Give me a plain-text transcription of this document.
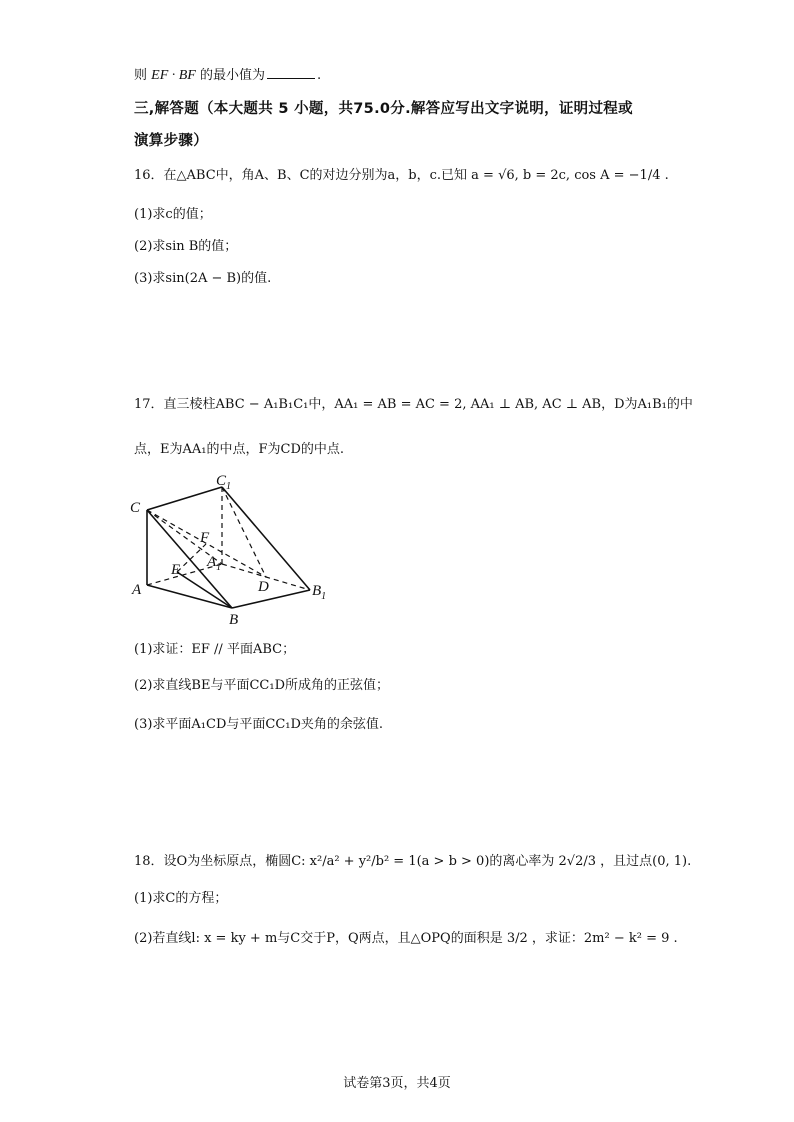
则 EF · BF 的最小值为	.
三,解答题（本大题共 5 小题，共75.0分.解答应写出文字说明，证明过程或
演算步骤）
16．在△ABC中，角A、B、C的对边分别为a，b，c.已知 a = √6, b = 2c, cos A = −1/4 .
(1)求c的值；
(2)求sin B的值；
(3)求sin(2A − B)的值.
17．直三棱柱ABC − A₁B₁C₁中，AA₁ = AB = AC = 2, AA₁ ⊥ AB, AC ⊥ AB，D为A₁B₁的中
点，E为AA₁的中点，F为CD的中点.
C
$C_1$
A
$A_1$
B
$B_1$
D
E
F
(1)求证：EF // 平面ABC；
(2)求直线BE与平面CC₁D所成角的正弦值；
(3)求平面A₁CD与平面CC₁D夹角的余弦值.
18．设O为坐标原点，椭圆C: x²/a² + y²/b² = 1(a > b > 0)的离心率为 2√2/3 ，且过点(0, 1).
(1)求C的方程；
(2)若直线l: x = ky + m与C交于P，Q两点，且△OPQ的面积是 3/2 ，求证：2m² − k² = 9 .
试卷第3页，共4页
